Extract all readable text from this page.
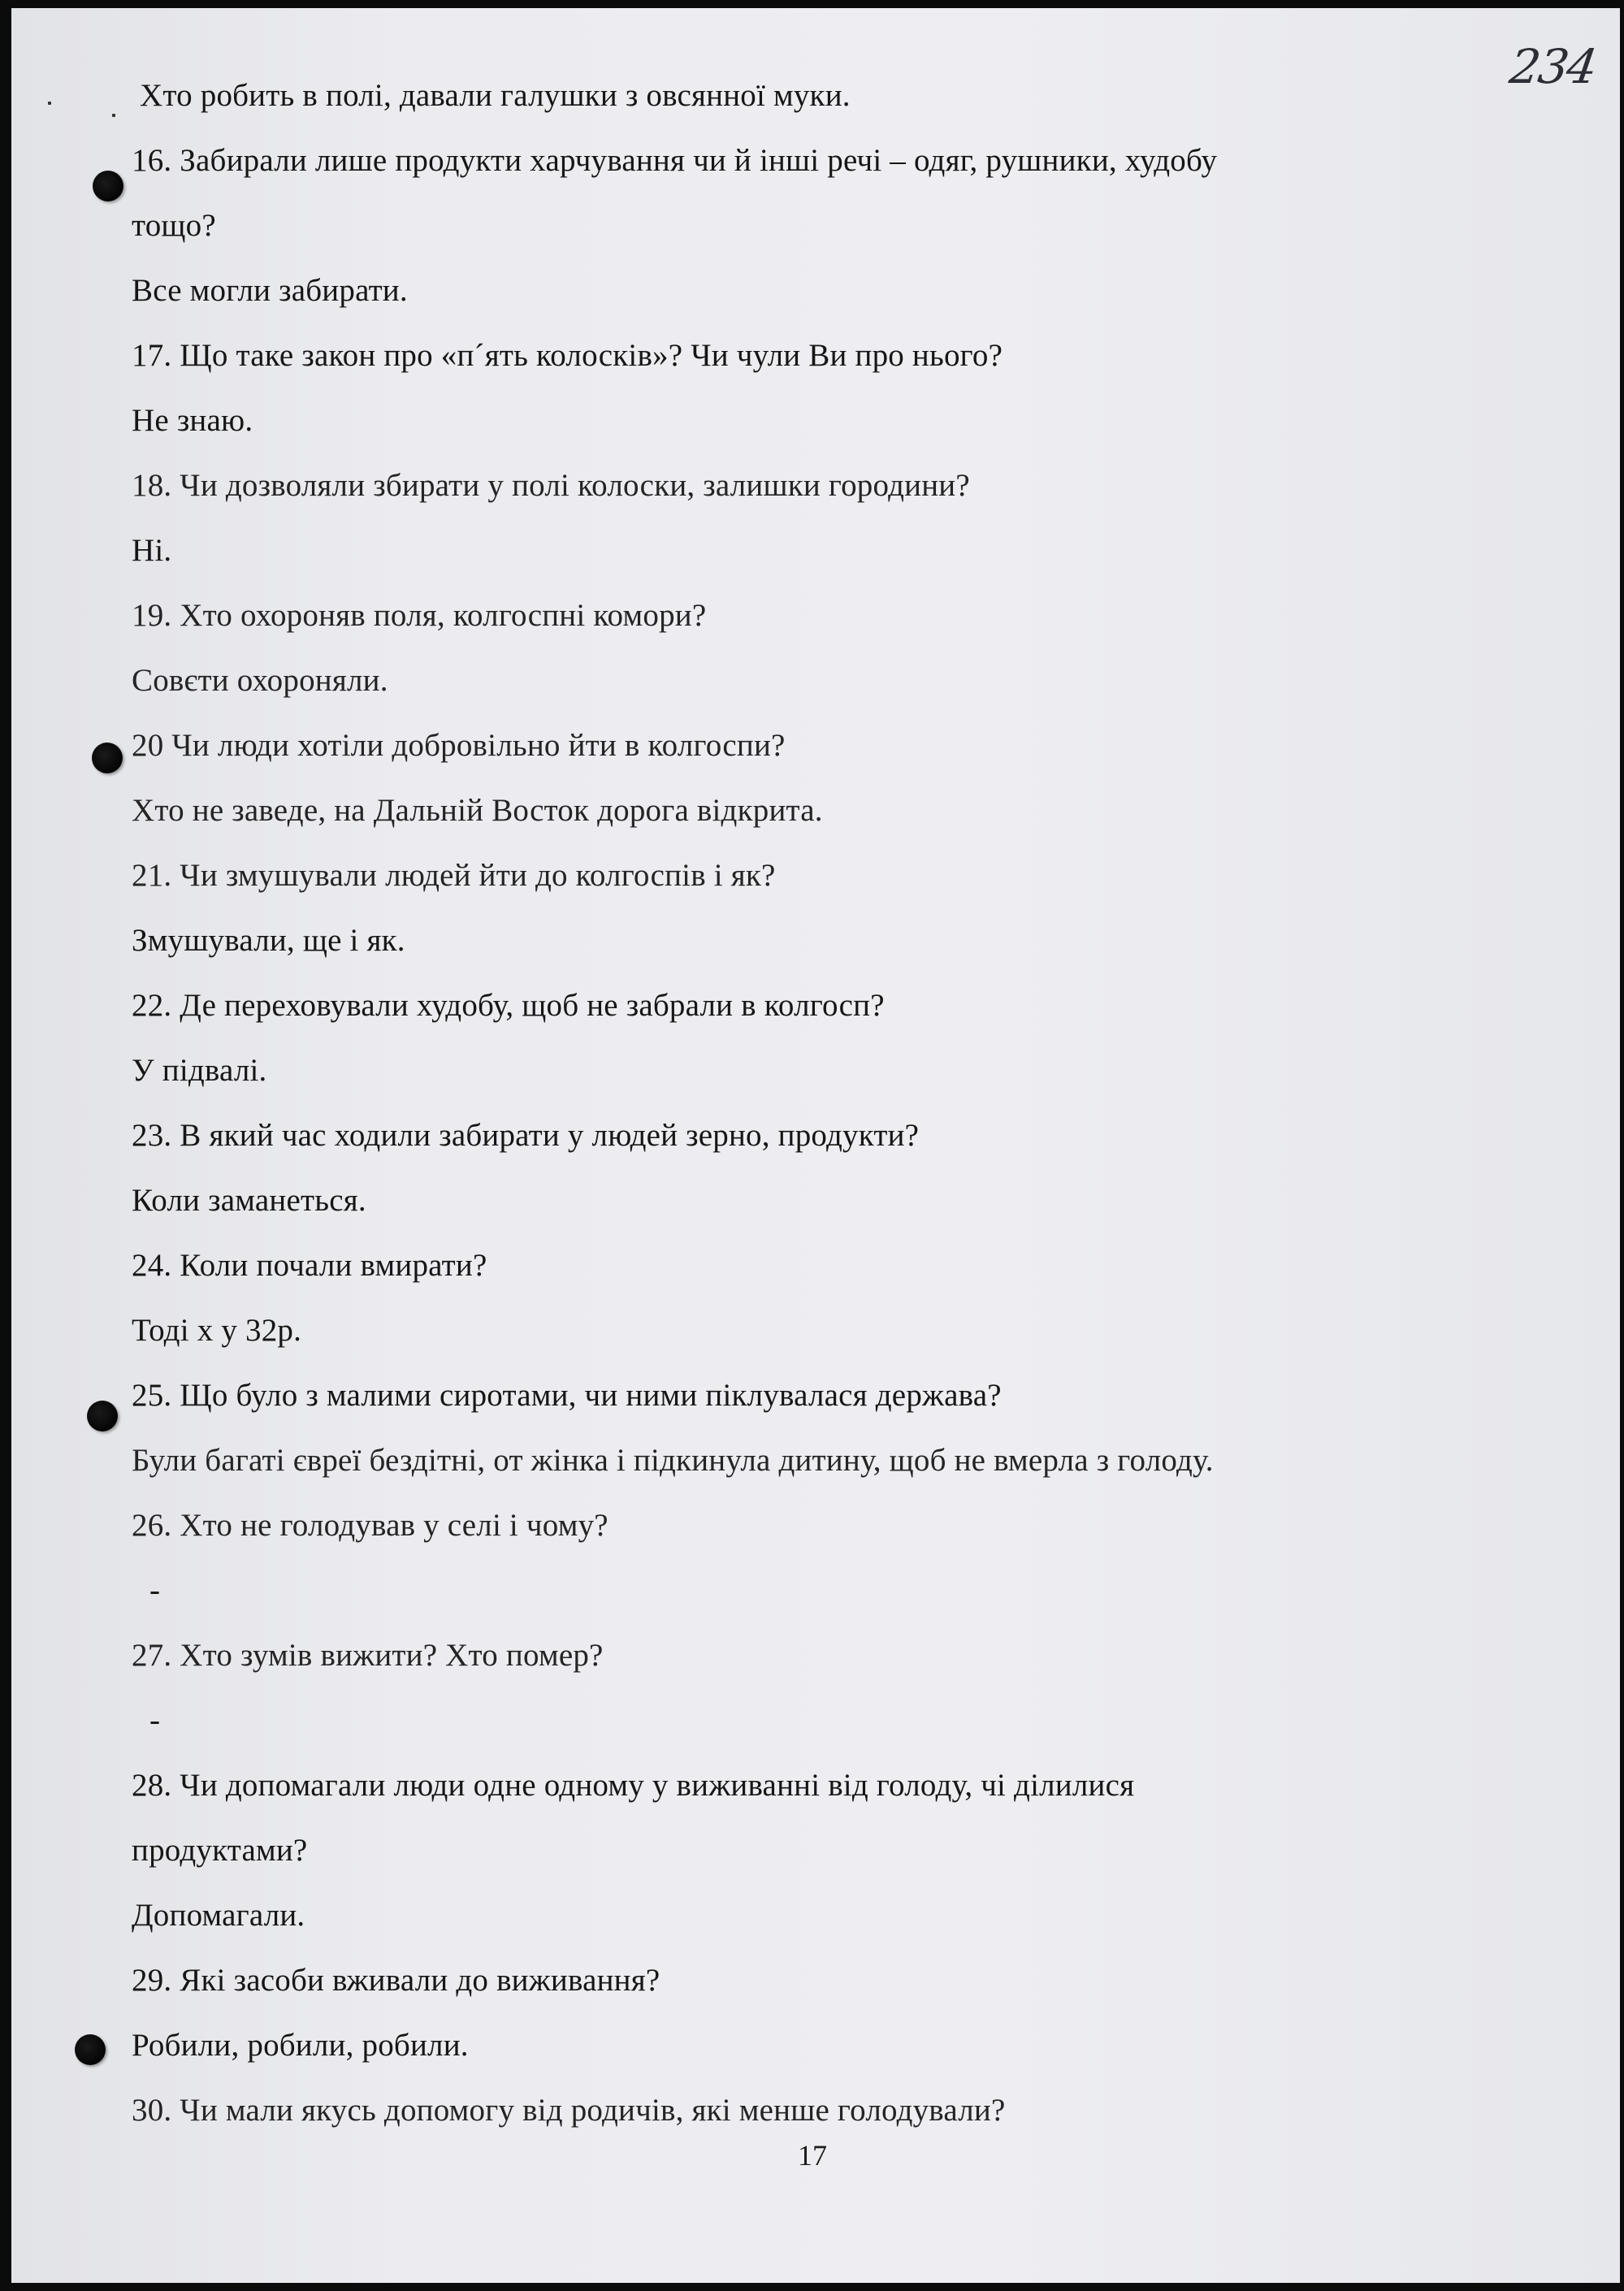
234
Хто робить в полі, давали галушки з овсянної муки.
16. Забирали лише продукти харчування чи й інші речі – одяг, рушники, худобу
тощо?
Все могли забирати.
17. Що таке закон про «п´ять колосків»? Чи чули Ви про нього?
Не знаю.
18. Чи дозволяли збирати у полі колоски, залишки городини?
Ні.
19. Хто охороняв поля, колгоспні комори?
Совєти охороняли.
20 Чи люди хотіли добровільно йти в колгоспи?
Хто не заведе, на Дальній Восток дорога відкрита.
21. Чи змушували людей йти до колгоспів і як?
Змушували, ще і як.
22. Де переховували худобу, щоб не забрали в колгосп?
У підвалі.
23. В який час ходили забирати у людей зерно, продукти?
Коли заманеться.
24. Коли почали вмирати?
Тоді х у 32р.
25. Що було з малими сиротами, чи ними піклувалася держава?
Були багаті євреї бездітні, от жінка і підкинула дитину, щоб не вмерла з голоду.
26. Хто не голодував у селі і чому?
-
27. Хто зумів вижити? Хто помер?
-
28. Чи допомагали люди одне одному у виживанні від голоду, чі ділилися
продуктами?
Допомагали.
29. Які засоби вживали до виживання?
Робили, робили, робили.
30. Чи мали якусь допомогу від родичів, які менше голодували?
17
